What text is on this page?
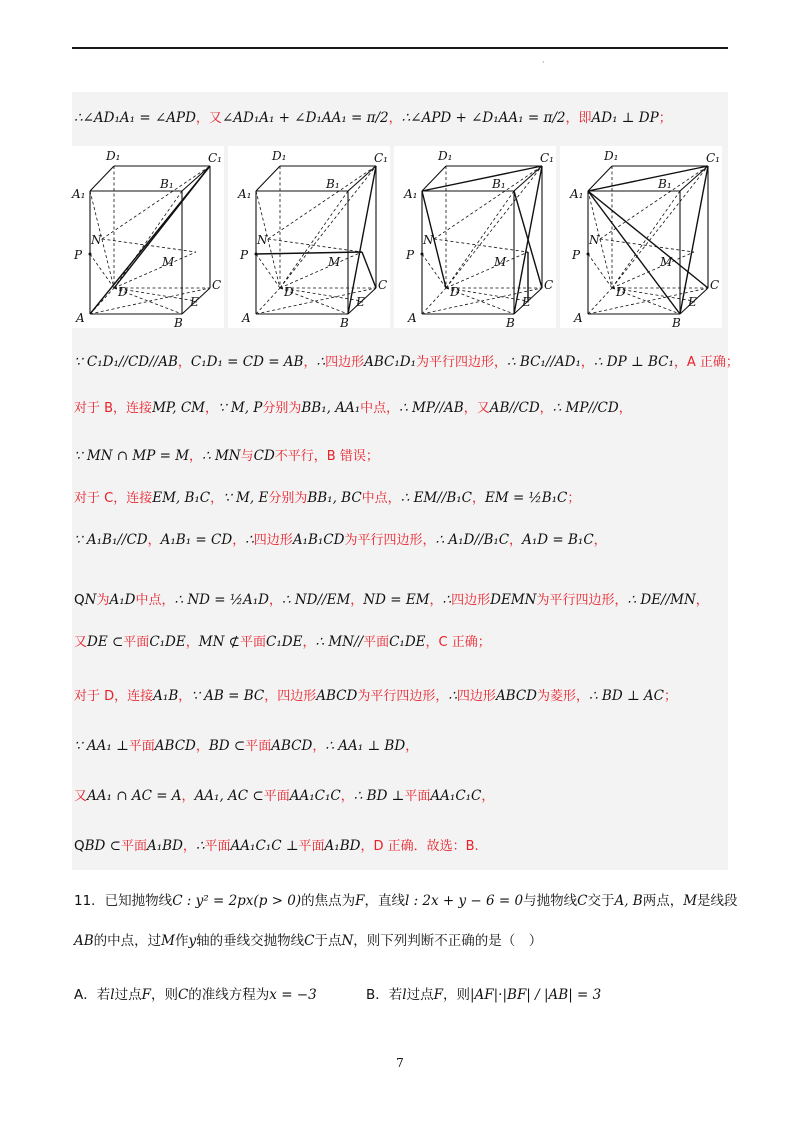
·
∴∠AD₁A₁ = ∠APD，又∠AD₁A₁ + ∠D₁AA₁ = π/2，∴∠APD + ∠D₁AA₁ = π/2，即AD₁ ⊥ DP；
D₁	C₁
A₁
B₁
N
M
P
D	C
A	B
E
D₁	C₁
A₁
B₁
N
M
P
D	C
A	B
E
D₁	C₁
A₁
B₁
N
M
P
D	C
A	B
E
D₁	C₁
A₁
B₁
N
M
P
D	C
A	B
E
∵ C₁D₁//CD//AB，C₁D₁ = CD = AB，∴四边形ABC₁D₁为平行四边形，∴ BC₁//AD₁，∴ DP ⊥ BC₁，A 正确；
对于 B，连接MP, CM，∵ M, P分别为BB₁, AA₁中点，∴ MP//AB，又AB//CD，∴ MP//CD，
∵ MN ∩ MP = M，∴ MN与CD不平行，B 错误；
对于 C，连接EM, B₁C，∵ M, E分别为BB₁, BC中点，∴ EM//B₁C，EM = ½B₁C；
∵ A₁B₁//CD，A₁B₁ = CD，∴四边形A₁B₁CD为平行四边形，∴ A₁D//B₁C，A₁D = B₁C，
QN为A₁D中点，∴ ND = ½A₁D，∴ ND//EM，ND = EM，∴四边形DEMN为平行四边形，∴ DE//MN，
又DE ⊂平面C₁DE，MN ⊄平面C₁DE，∴ MN//平面C₁DE，C 正确；
对于 D，连接A₁B，∵ AB = BC，四边形ABCD为平行四边形，∴四边形ABCD为菱形，∴ BD ⊥ AC；
∵ AA₁ ⊥平面ABCD，BD ⊂平面ABCD，∴ AA₁ ⊥ BD，
又AA₁ ∩ AC = A，AA₁, AC ⊂平面AA₁C₁C，∴ BD ⊥平面AA₁C₁C，
QBD ⊂平面A₁BD，∴平面AA₁C₁C ⊥平面A₁BD，D 正确．故选：B.
11．已知抛物线C : y² = 2px(p > 0)的焦点为F，直线l : 2x + y − 6 = 0与抛物线C交于A, B两点，M是线段
AB的中点，过M作y轴的垂线交抛物线C于点N，则下列判断不正确的是（　）
A．若l过点F，则C的准线方程为x = −3	B．若l过点F，则|AF|·|BF| / |AB| = 3
7
